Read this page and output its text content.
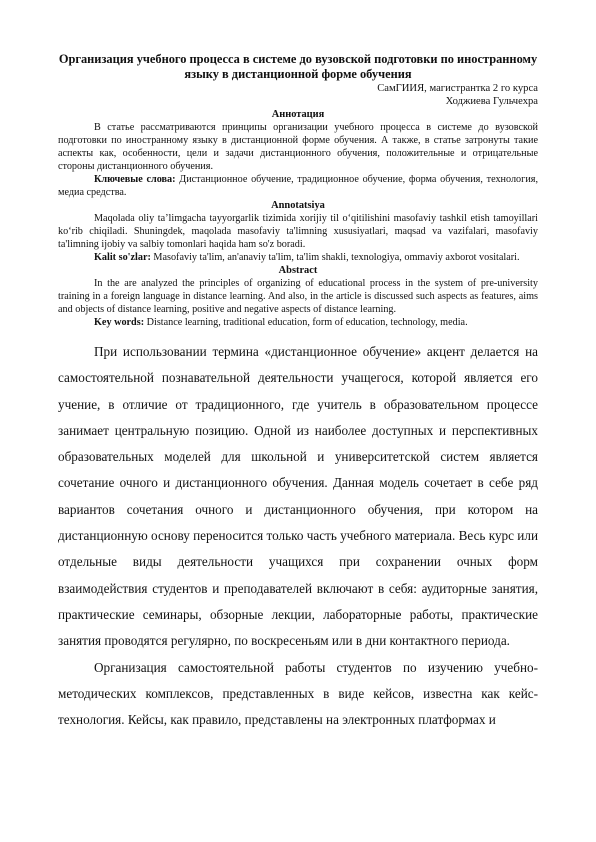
Организация учебного процесса в системе до вузовской подготовки по иностранному языку в дистанционной форме обучения

СамГИИЯ, магистрантка 2 го курса

Ходжиева Гульчехра

Аннотация

В статье рассматриваются принципы организации учебного процесса в системе до вузовской подготовки по иностранному языку в дистанционной форме обучения. А также, в статье затронуты такие аспекты как, особенности, цели и задачи дистанционного обучения, положительные и отрицательные стороны дистанционного обучения.

Ключевые слова: Дистанционное обучение, традиционное обучение, форма обучения, технология, медиа средства.

Annotatsiya

Maqolada oliy ta’limgacha tayyorgarlik tizimida xorijiy til o‘qitilishini masofaviy tashkil etish tamoyillari ko‘rib chiqiladi. Shuningdek, maqolada masofaviy ta'limning xususiyatlari, maqsad va vazifalari, masofaviy ta'limning ijobiy va salbiy tomonlari haqida ham so'z boradi.

Kalit so'zlar: Masofaviy ta'lim, an'anaviy ta'lim, ta'lim shakli, texnologiya, ommaviy axborot vositalari.

Abstract

In the are analyzed the principles of organizing of educational process in the system of pre-university training in a foreign language in distance learning. And also, in the article is discussed such aspects as features, aims and objects of distance learning, positive and negative aspects of distance learning.

Key words: Distance learning, traditional education, form of education, technology, media.

При использовании термина «дистанционное обучение» акцент делается на самостоятельной познавательной деятельности учащегося, которой является его учение, в отличие от традиционного, где учитель в образовательном процессе занимает центральную позицию. Одной из наиболее доступных и перспективных образовательных моделей для школьной и университетской систем является сочетание очного и дистанционного обучения. Данная модель сочетает в себе ряд вариантов сочетания очного и дистанционного обучения, при котором на дистанционную основу переносится только часть учебного материала. Весь курс или отдельные виды деятельности учащихся при сохранении очных форм взаимодействия студентов и преподавателей включают в себя: аудиторные занятия, практические семинары, обзорные лекции, лабораторные работы, практические занятия проводятся регулярно, по воскресеньям или в дни контактного периода.

Организация самостоятельной работы студентов по изучению учебно-методических комплексов, представленных в виде кейсов, известна как кейс-технология. Кейсы, как правило, представлены на электронных платформах и
